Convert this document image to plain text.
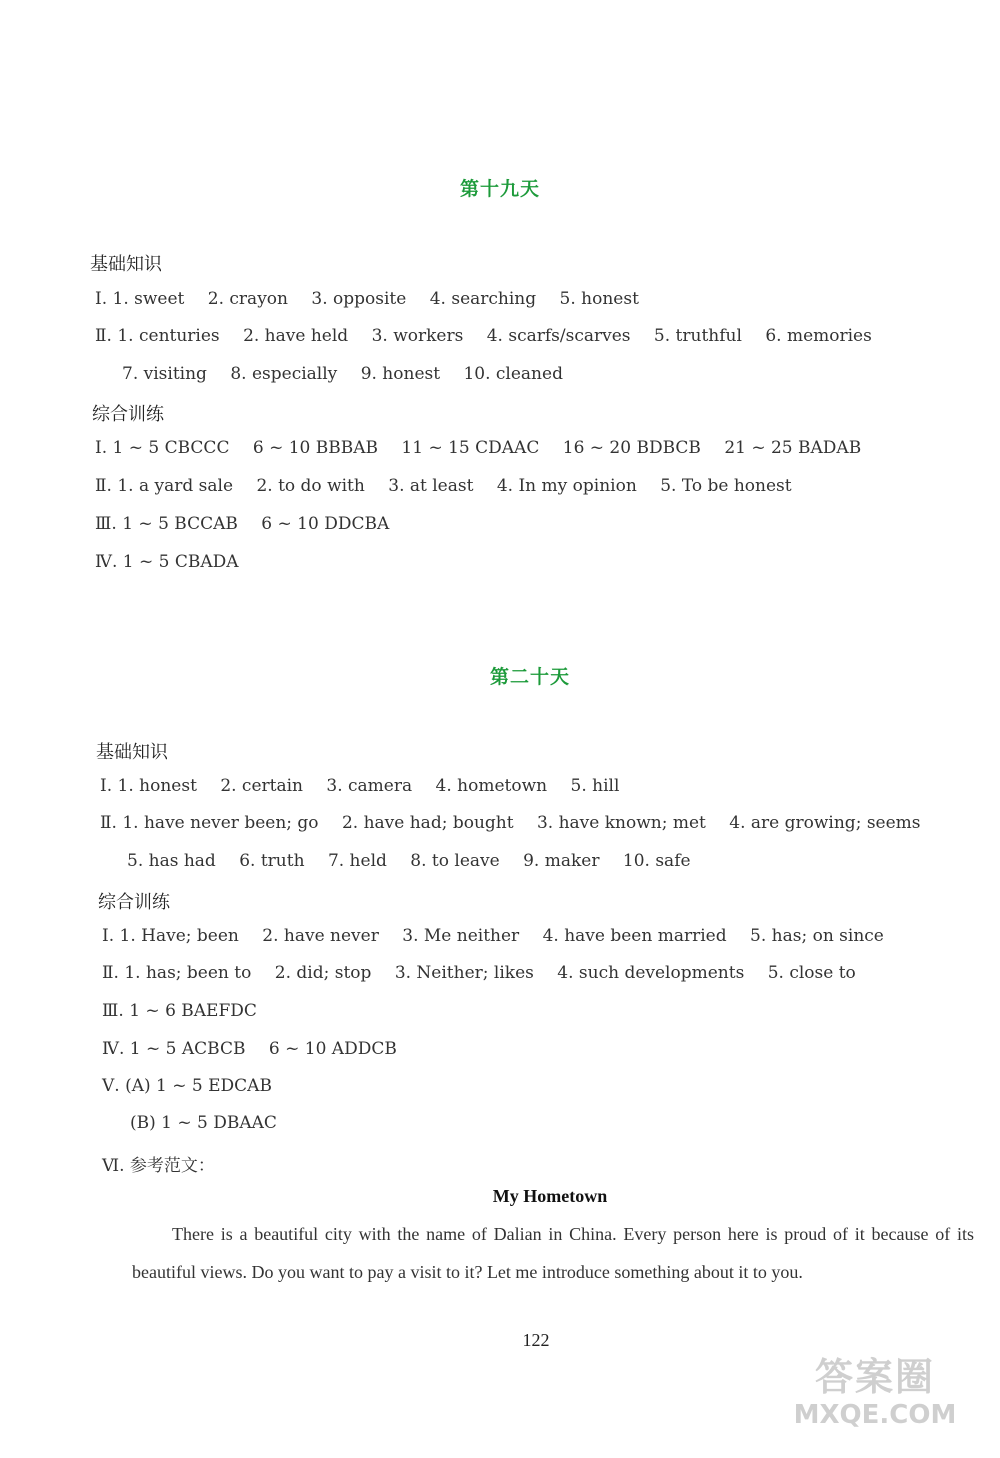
第十九天
基础知识
Ⅰ. 1. sweet 2. crayon 3. opposite 4. searching 5. honest
Ⅱ. 1. centuries 2. have held 3. workers 4. scarfs/scarves 5. truthful 6. memories
7. visiting 8. especially 9. honest 10. cleaned
综合训练
Ⅰ. 1 ~ 5 CBCCC 6 ~ 10 BBBAB 11 ~ 15 CDAAC 16 ~ 20 BDBCB 21 ~ 25 BADAB
Ⅱ. 1. a yard sale 2. to do with 3. at least 4. In my opinion 5. To be honest
Ⅲ. 1 ~ 5 BCCAB 6 ~ 10 DDCBA
Ⅳ. 1 ~ 5 CBADA
第二十天
基础知识
Ⅰ. 1. honest 2. certain 3. camera 4. hometown 5. hill
Ⅱ. 1. have never been; go 2. have had; bought 3. have known; met 4. are growing; seems
5. has had 6. truth 7. held 8. to leave 9. maker 10. safe
综合训练
Ⅰ. 1. Have; been 2. have never 3. Me neither 4. have been married 5. has; on since
Ⅱ. 1. has; been to 2. did; stop 3. Neither; likes 4. such developments 5. close to
Ⅲ. 1 ~ 6 BAEFDC
Ⅳ. 1 ~ 5 ACBCB 6 ~ 10 ADDCB
Ⅴ. (A) 1 ~ 5 EDCAB
(B) 1 ~ 5 DBAAC
Ⅵ. 参考范文：
My Hometown
There is a beautiful city with the name of Dalian in China. Every person here is proud of it because of its beautiful views. Do you want to pay a visit to it? Let me introduce something about it to you.
122
答案圈
MXQE.COM
